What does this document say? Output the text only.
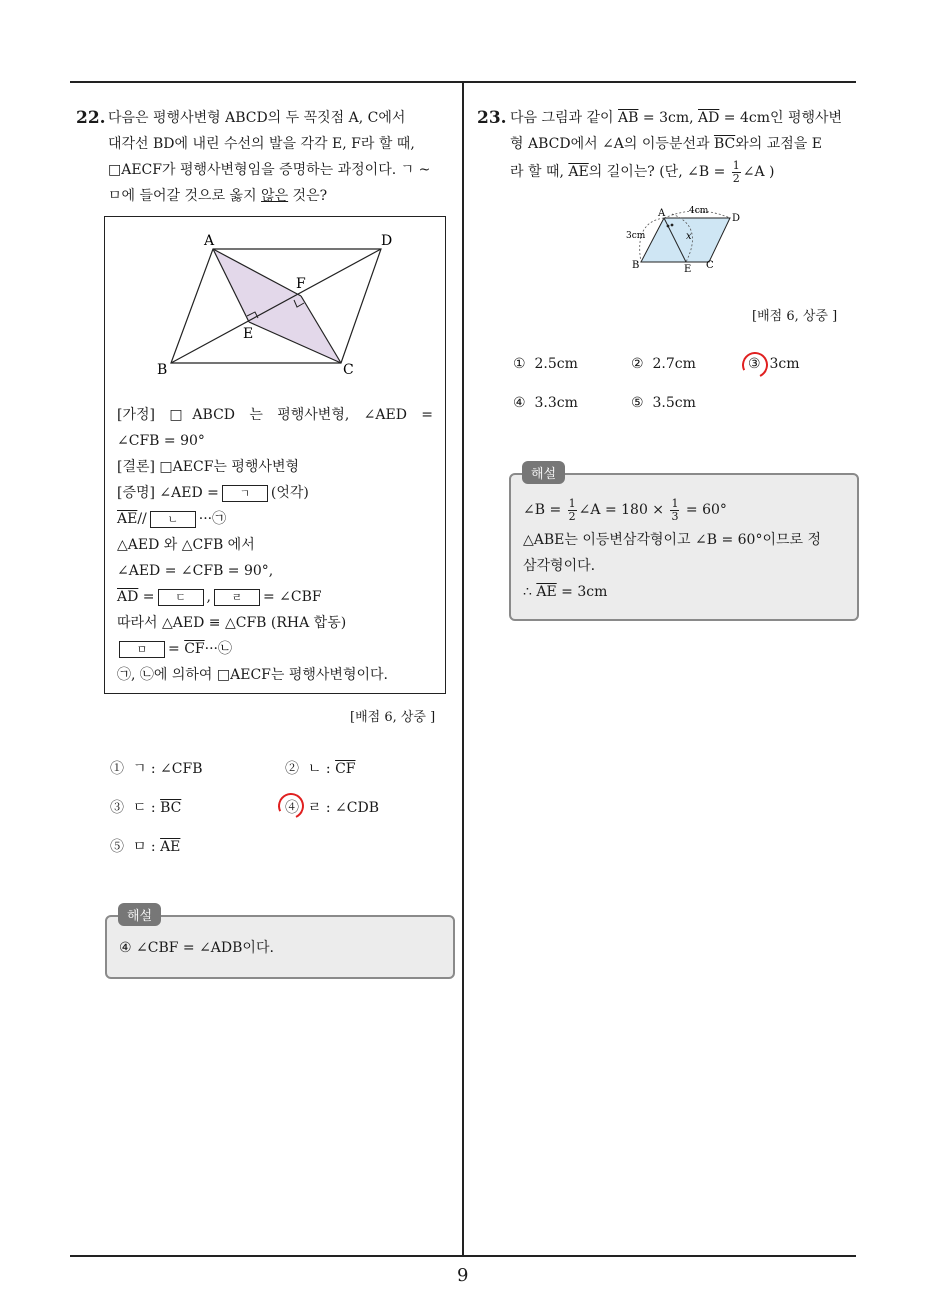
9
22. 다음은 평행사변형 ABCD의 두 꼭짓점 A, C에서
대각선 BD에 내린 수선의 발을 각각 E, F라 할 때,
□AECF가 평행사변형임을 증명하는 과정이다. ㄱ ~
ㅁ에 들어갈 것으로 옳지 않은 것은?
A	D
B	C
E
F
[가정] □ABCD 는 평행사변형, ∠AED =
∠CFB = 90°
[결론] □AECF는 평행사변형
[증명] ∠AED = ㄱ (엇각)
$\overline{AE}//$ ㄴ ···㉠
△AED 와 △CFB 에서
∠AED = ∠CFB = 90°,
$\overline{AD}$ = ㄷ , ㄹ = ∠CBF
따라서 △AED ≡ △CFB (RHA 합동)
ㅁ = $\overline{CF}\cdot\cdot\cdot㉡$
㉠, ㉡에 의하여 □AECF는 평행사변형이다.
[배점 6, 상중 ]
① ㄱ : ∠CFB	② ㄴ : $\overline{CF}$
③ ㄷ : $\overline{BC}$	④ ㄹ : ∠CDB
⑤ ㅁ : $\overline{AE}$
④ ∠CBF = ∠ADB이다.
해설
23. 다음 그림과 같이 $\overline{AB} = 3cm$, $\overline{AD} = 4cm$인 평행사변
형 ABCD에서 ∠A의 이등분선과 $\overline{BC}$와의 교점을 E
라 할 때, $\overline{AE}$의 길이는? (단, ∠B = $\frac{1}{2}$ ∠A )
A	D
B	E C
4cm
3cm	x
[배점 6, 상중 ]
① 2.5cm	② 2.7cm	③ 3cm
④ 3.3cm	⑤ 3.5cm
∠B = $\frac{1}{2}$ ∠A = $180 \times \frac{1}{3} = 60^\circ$
△ABE는 이등변삼각형이고 ∠B = 60°이므로 정
삼각형이다.
∴ $\overline{AE} = 3cm$
해설
